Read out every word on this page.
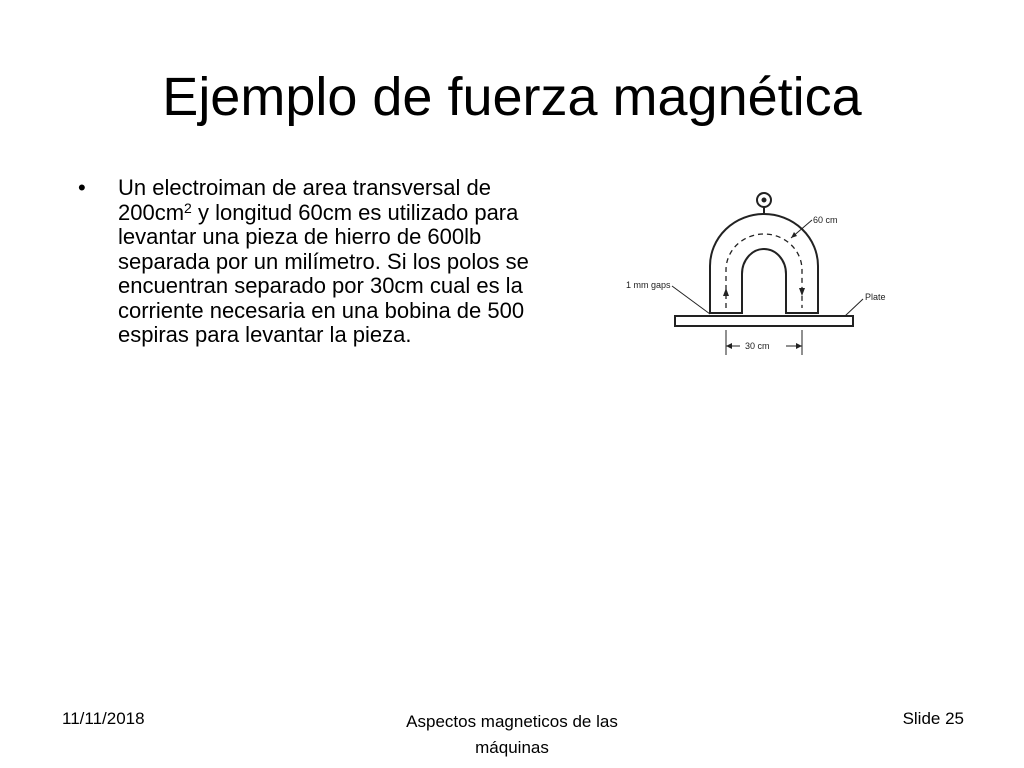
Ejemplo de fuerza magnética
• Un electroiman de area transversal de $200cm^2$ y longitud 60cm es utilizado para levantar una pieza de hierro de 600lb separada por un milímetro. Si los polos se encuentran separado por 30cm cual es la corriente necesaria en una bobina de 500 espiras para levantar la pieza.

60 cm
1 mm gaps
Plate
30 cm
11/11/2018	Aspectos magneticos de las
máquinas
Slide 25
